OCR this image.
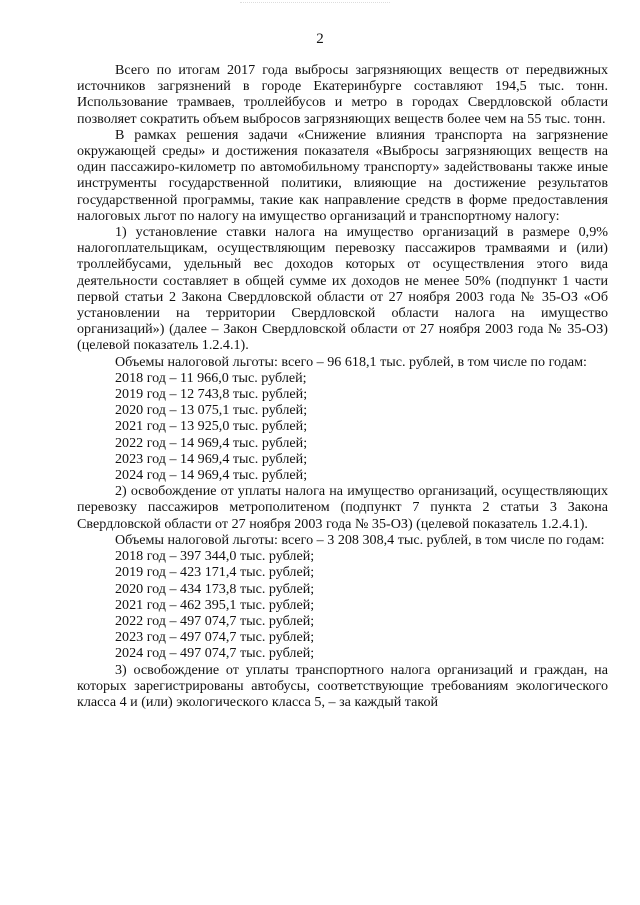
2

Всего по итогам 2017 года выбросы загрязняющих веществ от передвижных источников загрязнений в городе Екатеринбурге составляют 194,5 тыс. тонн. Использование трамваев, троллейбусов и метро в городах Свердловской области позволяет сократить объем выбросов загрязняющих веществ более чем на 55 тыс. тонн.

В рамках решения задачи «Снижение влияния транспорта на загрязнение окружающей среды» и достижения показателя «Выбросы загрязняющих веществ на один пассажиро-километр по автомобильному транспорту» задействованы также иные инструменты государственной политики, влияющие на достижение результатов государственной программы, такие как направление средств в форме предоставления налоговых льгот по налогу на имущество организаций и транспортному налогу:

1) установление ставки налога на имущество организаций в размере 0,9% налогоплательщикам, осуществляющим перевозку пассажиров трамваями и (или) троллейбусами, удельный вес доходов которых от осуществления этого вида деятельности составляет в общей сумме их доходов не менее 50% (подпункт 1 части первой статьи 2 Закона Свердловской области от 27 ноября 2003 года № 35-ОЗ «Об установлении на территории Свердловской области налога на имущество организаций») (далее – Закон Свердловской области от 27 ноября 2003 года № 35-ОЗ) (целевой показатель 1.2.4.1).

Объемы налоговой льготы: всего – 96 618,1 тыс. рублей, в том числе по годам:

2018 год – 11 966,0 тыс. рублей;

2019 год – 12 743,8 тыс. рублей;

2020 год – 13 075,1 тыс. рублей;

2021 год – 13 925,0 тыс. рублей;

2022 год – 14 969,4 тыс. рублей;

2023 год – 14 969,4 тыс. рублей;

2024 год – 14 969,4 тыс. рублей;

2) освобождение от уплаты налога на имущество организаций, осуществляющих перевозку пассажиров метрополитеном (подпункт 7 пункта 2 статьи 3 Закона Свердловской области от 27 ноября 2003 года № 35-ОЗ) (целевой показатель 1.2.4.1).

Объемы налоговой льготы: всего – 3 208 308,4 тыс. рублей, в том числе по годам:

2018 год – 397 344,0 тыс. рублей;

2019 год – 423 171,4 тыс. рублей;

2020 год – 434 173,8 тыс. рублей;

2021 год – 462 395,1 тыс. рублей;

2022 год – 497 074,7 тыс. рублей;

2023 год – 497 074,7 тыс. рублей;

2024 год – 497 074,7 тыс. рублей;

3) освобождение от уплаты транспортного налога организаций и граждан, на которых зарегистрированы автобусы, соответствующие требованиям экологического класса 4 и (или) экологического класса 5, – за каждый такой
